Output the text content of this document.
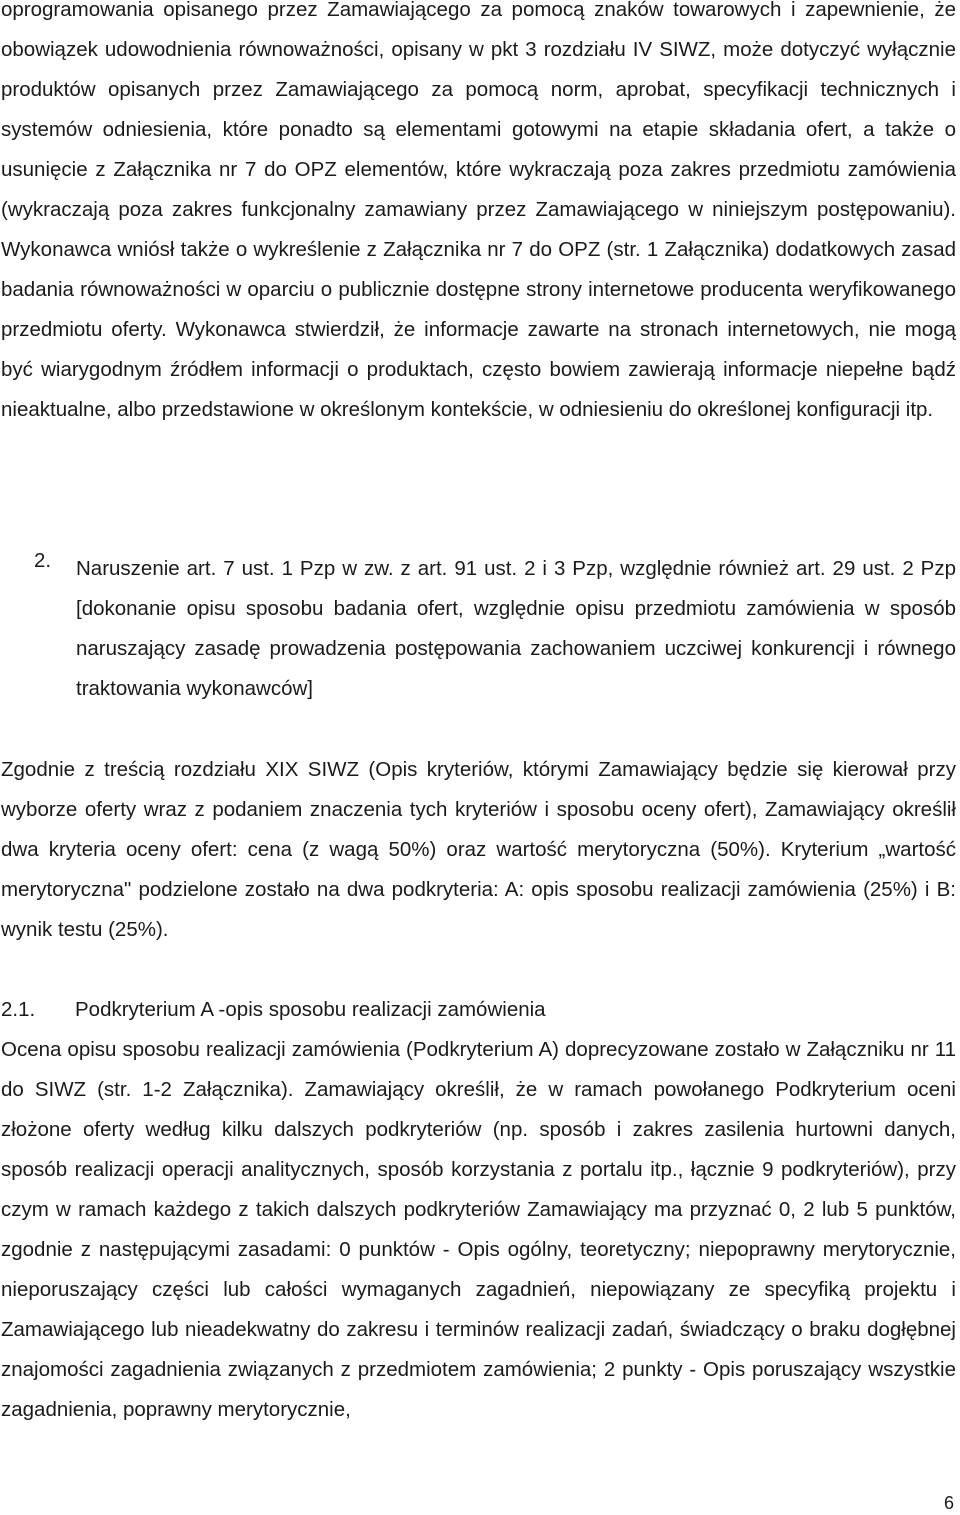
oprogramowania opisanego przez Zamawiającego za pomocą znaków towarowych i zapewnienie, że obowiązek udowodnienia równoważności, opisany w pkt 3 rozdziału IV SIWZ, może dotyczyć wyłącznie produktów opisanych przez Zamawiającego za pomocą norm, aprobat, specyfikacji technicznych i systemów odniesienia, które ponadto są elementami gotowymi na etapie składania ofert, a także o usunięcie z Załącznika nr 7 do OPZ elementów, które wykraczają poza zakres przedmiotu zamówienia (wykraczają poza zakres funkcjonalny zamawiany przez Zamawiającego w niniejszym postępowaniu). Wykonawca wniósł także o wykreślenie z Załącznika nr 7 do OPZ (str. 1 Załącznika) dodatkowych zasad badania równoważności w oparciu o publicznie dostępne strony internetowe producenta weryfikowanego przedmiotu oferty. Wykonawca stwierdził, że informacje zawarte na stronach internetowych, nie mogą być wiarygodnym źródłem informacji o produktach, często bowiem zawierają informacje niepełne bądź nieaktualne, albo przedstawione w określonym kontekście, w odniesieniu do określonej konfiguracji itp.

2. Naruszenie art. 7 ust. 1 Pzp w zw. z art. 91 ust. 2 i 3 Pzp, względnie również art. 29 ust. 2 Pzp [dokonanie opisu sposobu badania ofert, względnie opisu przedmiotu zamówienia w sposób naruszający zasadę prowadzenia postępowania zachowaniem uczciwej konkurencji i równego traktowania wykonawców]

Zgodnie z treścią rozdziału XIX SIWZ (Opis kryteriów, którymi Zamawiający będzie się kierował przy wyborze oferty wraz z podaniem znaczenia tych kryteriów i sposobu oceny ofert), Zamawiający określił dwa kryteria oceny ofert: cena (z wagą 50%) oraz wartość merytoryczna (50%). Kryterium „wartość merytoryczna" podzielone zostało na dwa podkryteria: A: opis sposobu realizacji zamówienia (25%) i B: wynik testu (25%).

2.1. Podkryterium A -opis sposobu realizacji zamówienia

Ocena opisu sposobu realizacji zamówienia (Podkryterium A) doprecyzowane zostało w Załączniku nr 11 do SIWZ (str. 1-2 Załącznika). Zamawiający określił, że w ramach powołanego Podkryterium oceni złożone oferty według kilku dalszych podkryteriów (np. sposób i zakres zasilenia hurtowni danych, sposób realizacji operacji analitycznych, sposób korzystania z portalu itp., łącznie 9 podkryteriów), przy czym w ramach każdego z takich dalszych podkryteriów Zamawiający ma przyznać 0, 2 lub 5 punktów, zgodnie z następującymi zasadami: 0 punktów - Opis ogólny, teoretyczny; niepoprawny merytorycznie, nieporuszający części lub całości wymaganych zagadnień, niepowiązany ze specyfiką projektu i Zamawiającego lub nieadekwatny do zakresu i terminów realizacji zadań, świadczący o braku dogłębnej znajomości zagadnienia związanych z przedmiotem zamówienia; 2 punkty - Opis poruszający wszystkie zagadnienia, poprawny merytorycznie,

6
